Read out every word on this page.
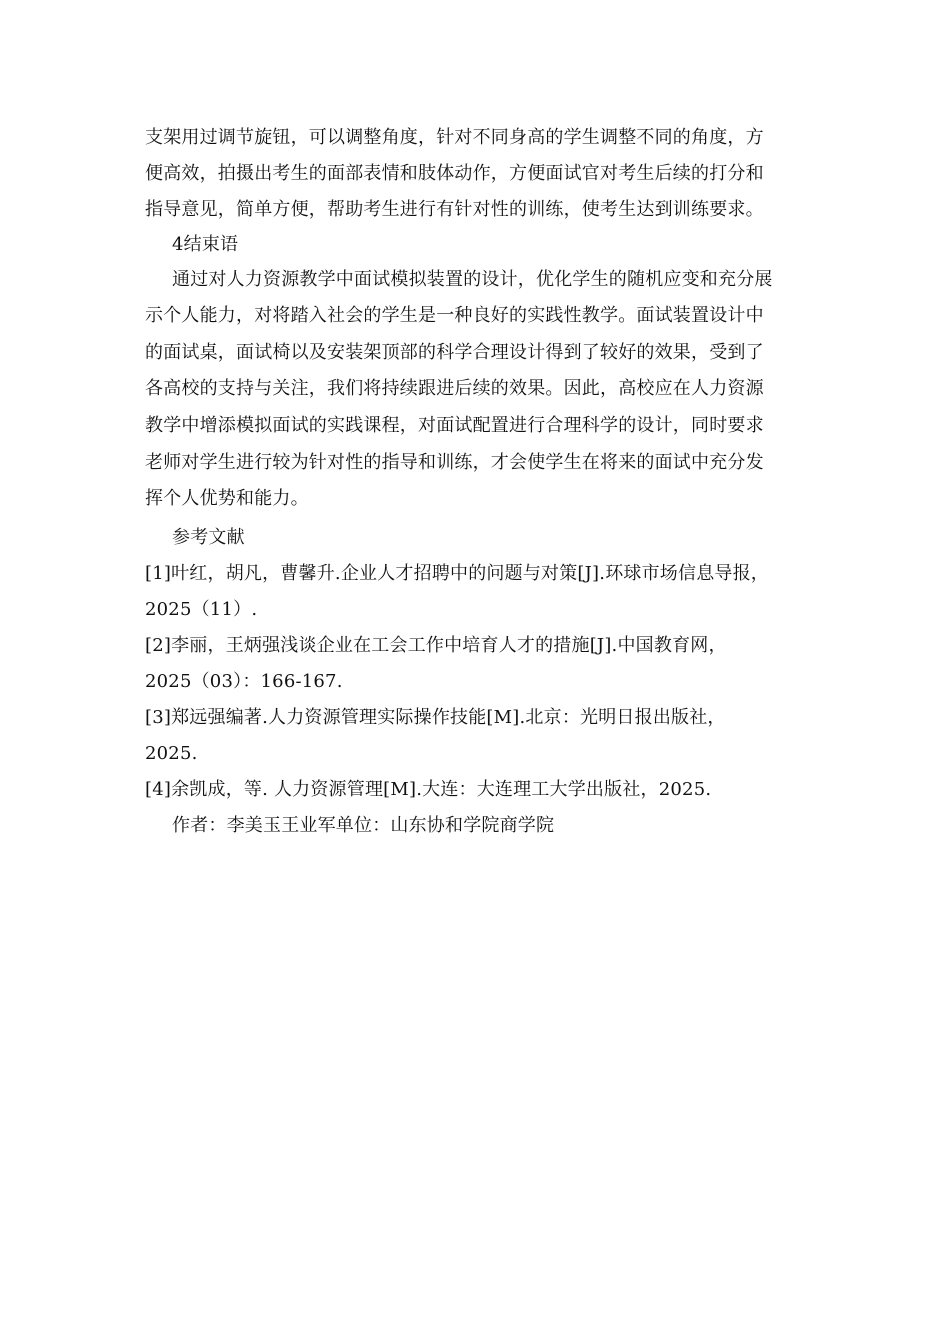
支架用过调节旋钮，可以调整角度，针对不同身高的学生调整不同的角度，方
便高效，拍摄出考生的面部表情和肢体动作，方便面试官对考生后续的打分和
指导意见，简单方便，帮助考生进行有针对性的训练，使考生达到训练要求。
4结束语
通过对人力资源教学中面试模拟装置的设计，优化学生的随机应变和充分展
示个人能力，对将踏入社会的学生是一种良好的实践性教学。面试装置设计中
的面试桌，面试椅以及安装架顶部的科学合理设计得到了较好的效果，受到了
各高校的支持与关注，我们将持续跟进后续的效果。因此，高校应在人力资源
教学中增添模拟面试的实践课程，对面试配置进行合理科学的设计，同时要求
老师对学生进行较为针对性的指导和训练，才会使学生在将来的面试中充分发
挥个人优势和能力。
参考文献
[1]叶红，胡凡，曹馨升.企业人才招聘中的问题与对策[J].环球市场信息导报，
2025（11）.
[2]李丽，王炳强浅谈企业在工会工作中培育人才的措施[J].中国教育网，
2025（03）：166-167.
[3]郑远强编著.人力资源管理实际操作技能[M].北京：光明日报出版社，
2025.
[4]余凯成，等. 人力资源管理[M].大连：大连理工大学出版社，2025.
作者：李美玉王业军单位：山东协和学院商学院
